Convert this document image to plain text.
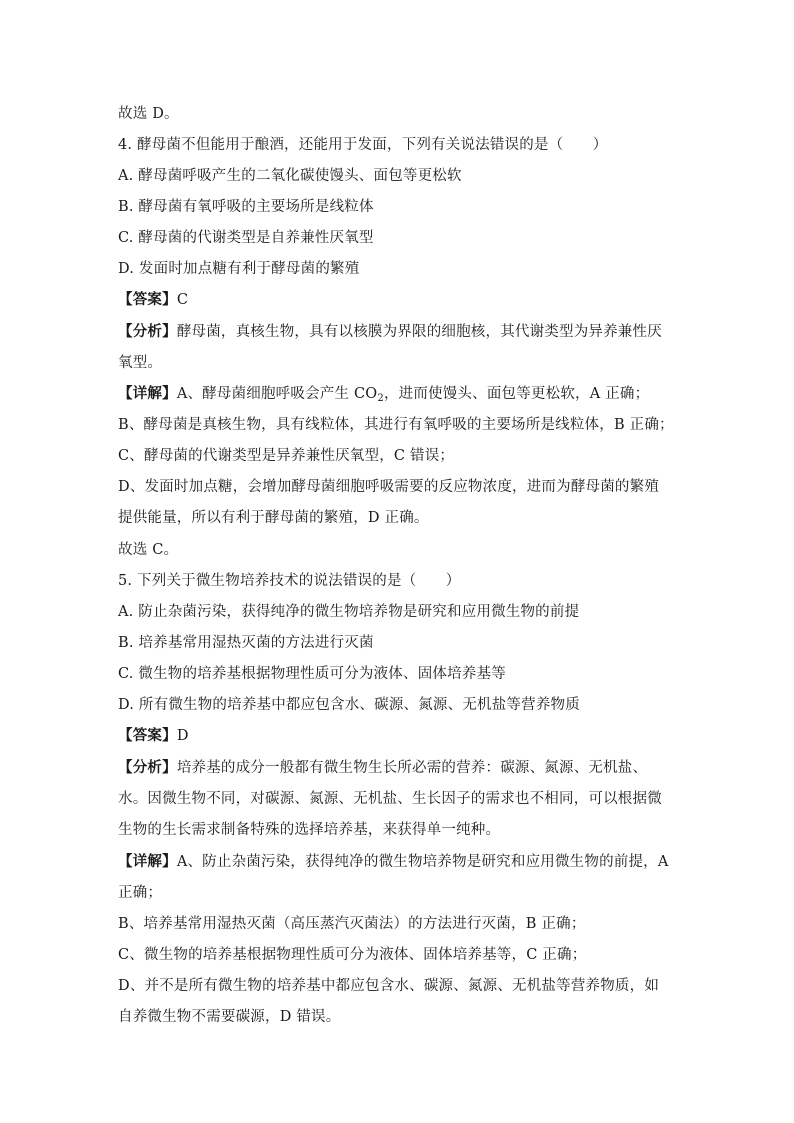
故选 D。
4. 酵母菌不但能用于酿酒，还能用于发面，下列有关说法错误的是（　　）
A. 酵母菌呼吸产生的二氧化碳使馒头、面包等更松软
B. 酵母菌有氧呼吸的主要场所是线粒体
C. 酵母菌的代谢类型是自养兼性厌氧型
D. 发面时加点糖有利于酵母菌的繁殖
【答案】C
【分析】酵母菌，真核生物，具有以核膜为界限的细胞核，其代谢类型为异养兼性厌氧型。
【详解】A、酵母菌细胞呼吸会产生 $CO_2$，进而使馒头、面包等更松软，A 正确；
B、酵母菌是真核生物，具有线粒体，其进行有氧呼吸的主要场所是线粒体，B 正确；
C、酵母菌的代谢类型是异养兼性厌氧型，C 错误；
D、发面时加点糖，会增加酵母菌细胞呼吸需要的反应物浓度，进而为酵母菌的繁殖提供能量，所以有利于酵母菌的繁殖，D 正确。
故选 C。
5. 下列关于微生物培养技术的说法错误的是（　　）
A. 防止杂菌污染，获得纯净的微生物培养物是研究和应用微生物的前提
B. 培养基常用湿热灭菌的方法进行灭菌
C. 微生物的培养基根据物理性质可分为液体、固体培养基等
D. 所有微生物的培养基中都应包含水、碳源、氮源、无机盐等营养物质
【答案】D
【分析】培养基的成分一般都有微生物生长所必需的营养：碳源、氮源、无机盐、水。因微生物不同，对碳源、氮源、无机盐、生长因子的需求也不相同，可以根据微生物的生长需求制备特殊的选择培养基，来获得单一纯种。
【详解】A、防止杂菌污染，获得纯净的微生物培养物是研究和应用微生物的前提，A 正确；
B、培养基常用湿热灭菌（高压蒸汽灭菌法）的方法进行灭菌，B 正确；
C、微生物的培养基根据物理性质可分为液体、固体培养基等，C 正确；
D、并不是所有微生物的培养基中都应包含水、碳源、氮源、无机盐等营养物质，如自养微生物不需要碳源，D 错误。
